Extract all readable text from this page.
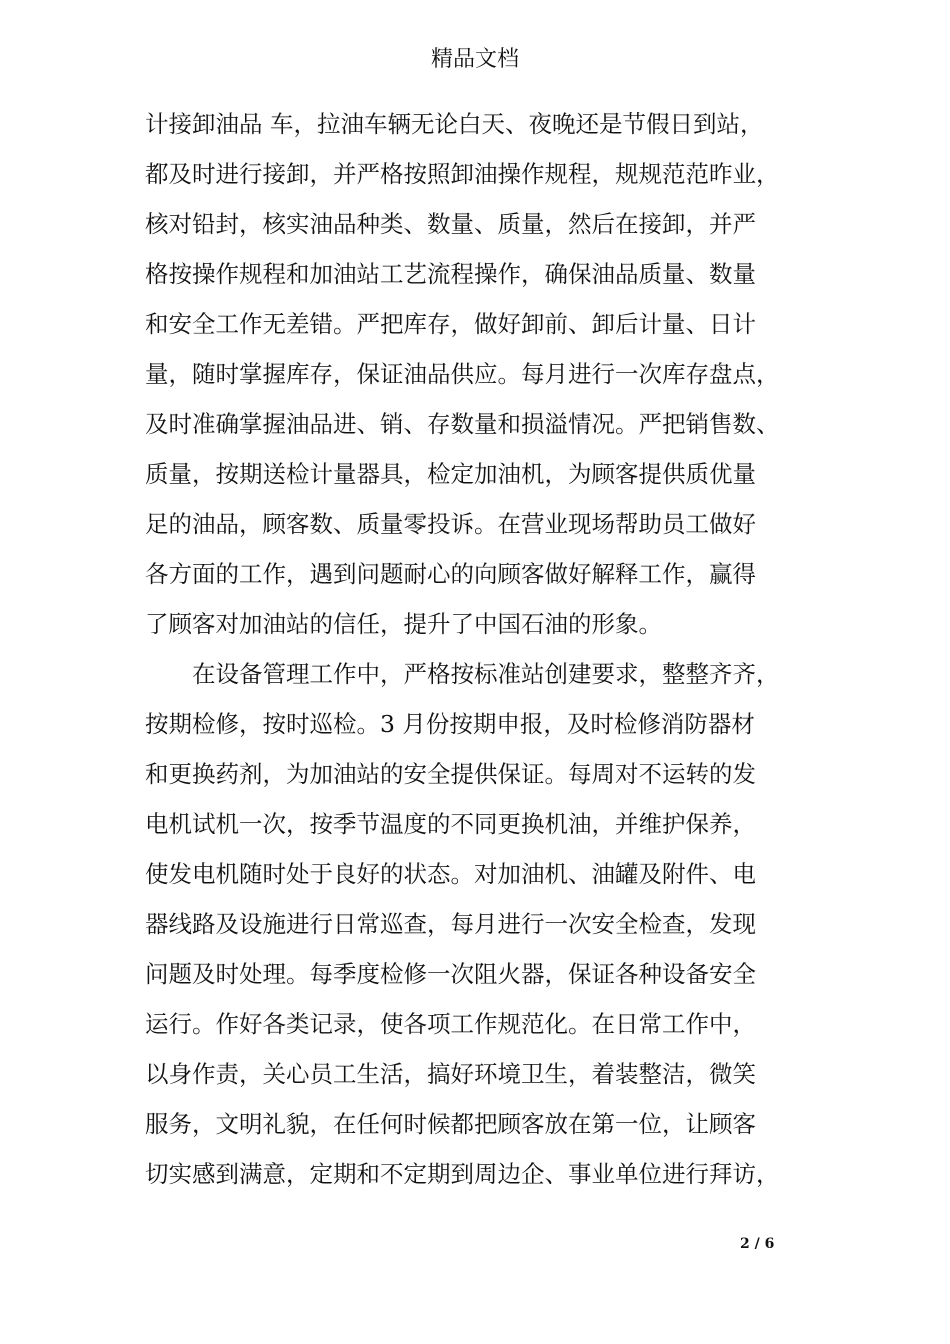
精品文档
计接卸油品 车，拉油车辆无论白天、夜晚还是节假日到站，
都及时进行接卸，并严格按照卸油操作规程，规规范范昨业，
核对铅封，核实油品种类、数量、质量，然后在接卸，并严
格按操作规程和加油站工艺流程操作，确保油品质量、数量
和安全工作无差错。严把库存，做好卸前、卸后计量、日计
量，随时掌握库存，保证油品供应。每月进行一次库存盘点，
及时准确掌握油品进、销、存数量和损溢情况。严把销售数、
质量，按期送检计量器具，检定加油机，为顾客提供质优量
足的油品，顾客数、质量零投诉。在营业现场帮助员工做好
各方面的工作，遇到问题耐心的向顾客做好解释工作，赢得
了顾客对加油站的信任，提升了中国石油的形象。
　　在设备管理工作中，严格按标准站创建要求，整整齐齐，
按期检修，按时巡检。3 月份按期申报，及时检修消防器材
和更换药剂，为加油站的安全提供保证。每周对不运转的发
电机试机一次，按季节温度的不同更换机油，并维护保养，
使发电机随时处于良好的状态。对加油机、油罐及附件、电
器线路及设施进行日常巡查，每月进行一次安全检查，发现
问题及时处理。每季度检修一次阻火器，保证各种设备安全
运行。作好各类记录，使各项工作规范化。在日常工作中，
以身作责，关心员工生活，搞好环境卫生，着装整洁，微笑
服务，文明礼貌，在任何时候都把顾客放在第一位，让顾客
切实感到满意，定期和不定期到周边企、事业单位进行拜访，
2 / 6
